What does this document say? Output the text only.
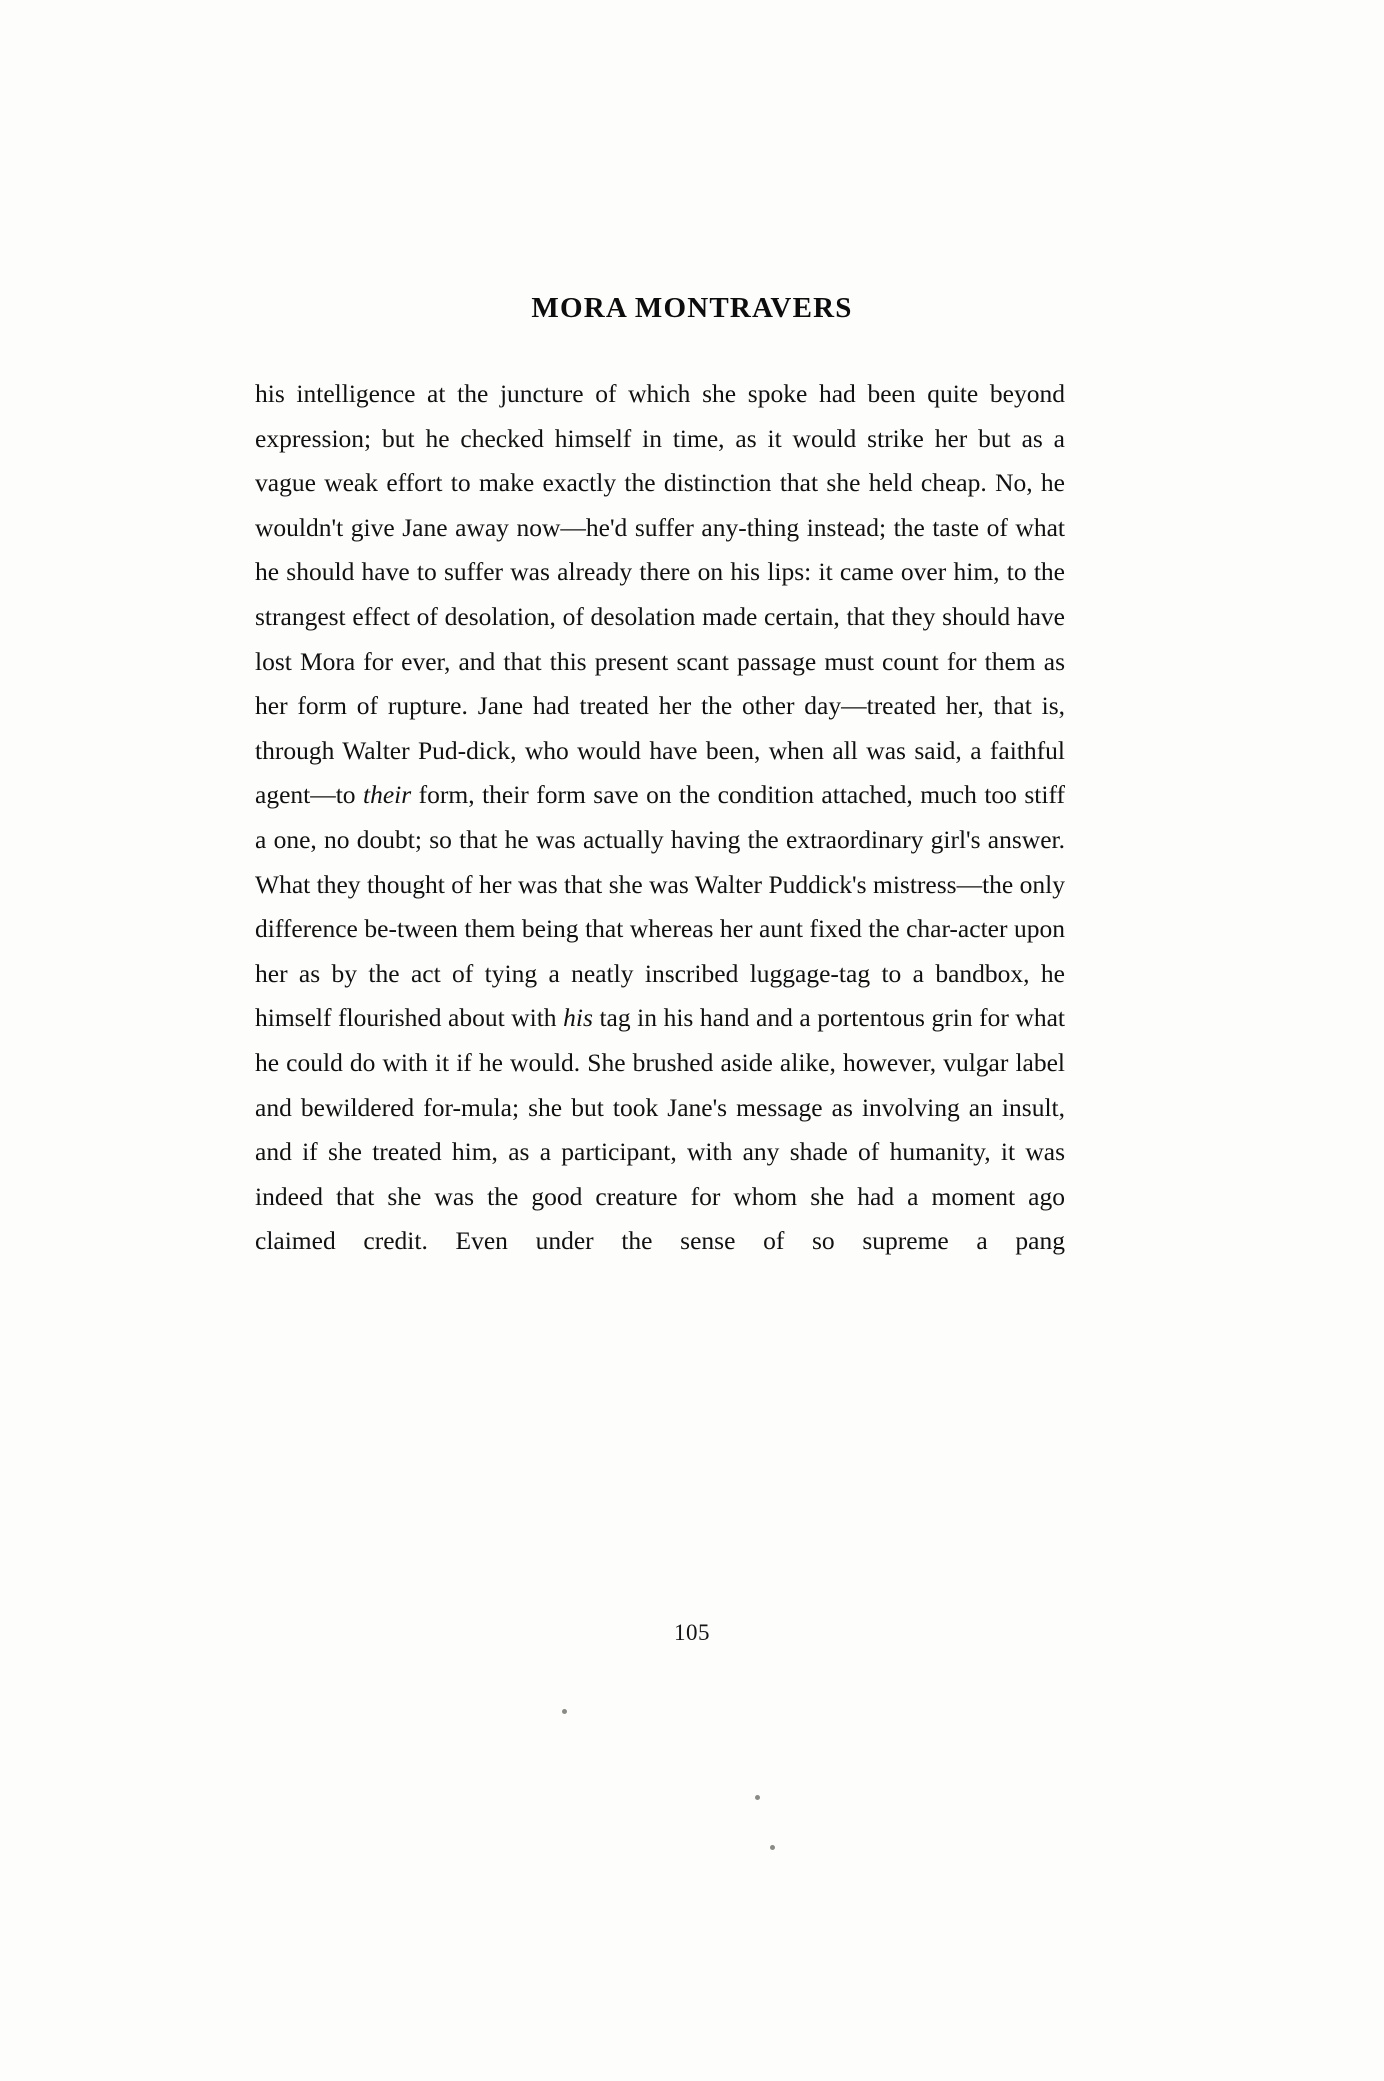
MORA MONTRAVERS

his intelligence at the juncture of which she spoke had been quite beyond expression; but he checked himself in time, as it would strike her but as a vague weak effort to make exactly the distinction that she held cheap. No, he wouldn't give Jane away now—he'd suffer any-thing instead; the taste of what he should have to suffer was already there on his lips: it came over him, to the strangest effect of desolation, of desolation made certain, that they should have lost Mora for ever, and that this present scant passage must count for them as her form of rupture. Jane had treated her the other day—treated her, that is, through Walter Pud-dick, who would have been, when all was said, a faithful agent—to their form, their form save on the condition attached, much too stiff a one, no doubt; so that he was actually having the extraordinary girl's answer. What they thought of her was that she was Walter Puddick's mistress—the only difference be-tween them being that whereas her aunt fixed the char-acter upon her as by the act of tying a neatly inscribed luggage-tag to a bandbox, he himself flourished about with his tag in his hand and a portentous grin for what he could do with it if he would. She brushed aside alike, however, vulgar label and bewildered for-mula; she but took Jane's message as involving an insult, and if she treated him, as a participant, with any shade of humanity, it was indeed that she was the good creature for whom she had a moment ago claimed credit. Even under the sense of so supreme a pang

105
